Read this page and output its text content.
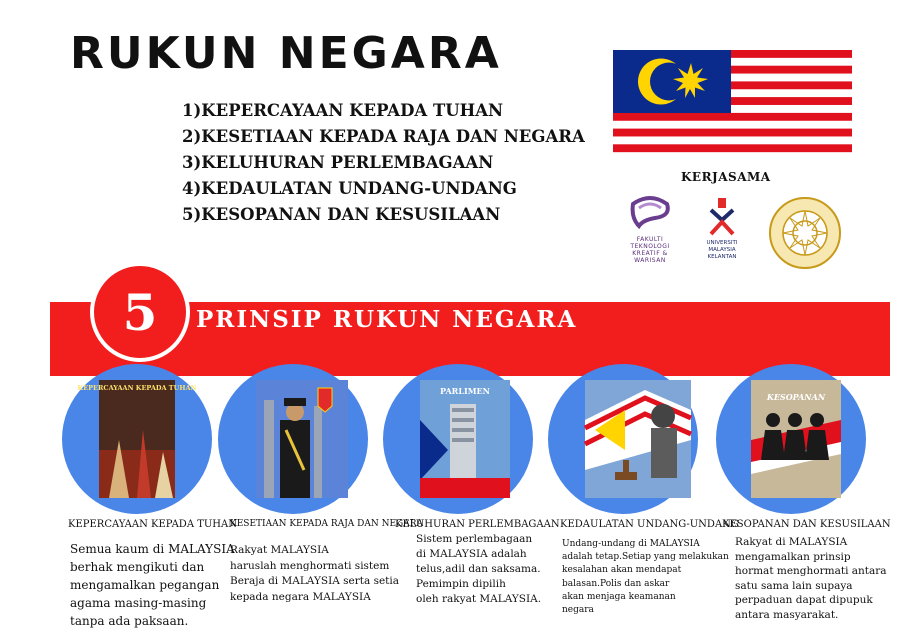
RUKUN NEGARA
1)KEPERCAYAAN KEPADA TUHAN
2)KESETIAAN KEPADA RAJA DAN NEGARA
3)KELUHURAN PERLEMBAGAAN
4)KEDAULATAN UNDANG-UNDANG
5)KESOPANAN DAN KESUSILAAN
KERJASAMA
FAKULTI
TEKNOLOGI
KREATIF &
WARISAN
UNIVERSITI
MALAYSIA
KELANTAN
5 PRINSIP RUKUN NEGARA
KEPERCAYAAN KEPADA TUHAN	PARLIMEN
KESOPANAN
KEPERCAYAAN KEPADA TUHAN
KESETIAAN KEPADA RAJA DAN NEGARA
KELUHURAN PERLEMBAGAAN KEDAULATAN UNDANG-UNDANG
KESOPANAN DAN KESUSILAAN
Semua kaum di MALAYSIA
berhak mengikuti dan
mengamalkan pegangan
agama masing-masing
tanpa ada paksaan.
Rakyat MALAYSIA
haruslah menghormati sistem
Beraja di MALAYSIA serta setia
kepada negara MALAYSIA
Sistem perlembagaan
di MALAYSIA adalah
telus,adil dan saksama.
Pemimpin dipilih
oleh rakyat MALAYSIA.
Undang-undang di MALAYSIA
adalah tetap.Setiap yang melakukan
kesalahan akan mendapat
balasan.Polis dan askar
akan menjaga keamanan
negara
Rakyat di MALAYSIA
mengamalkan prinsip
hormat menghormati antara
satu sama lain supaya
perpaduan dapat dipupuk
antara masyarakat.
